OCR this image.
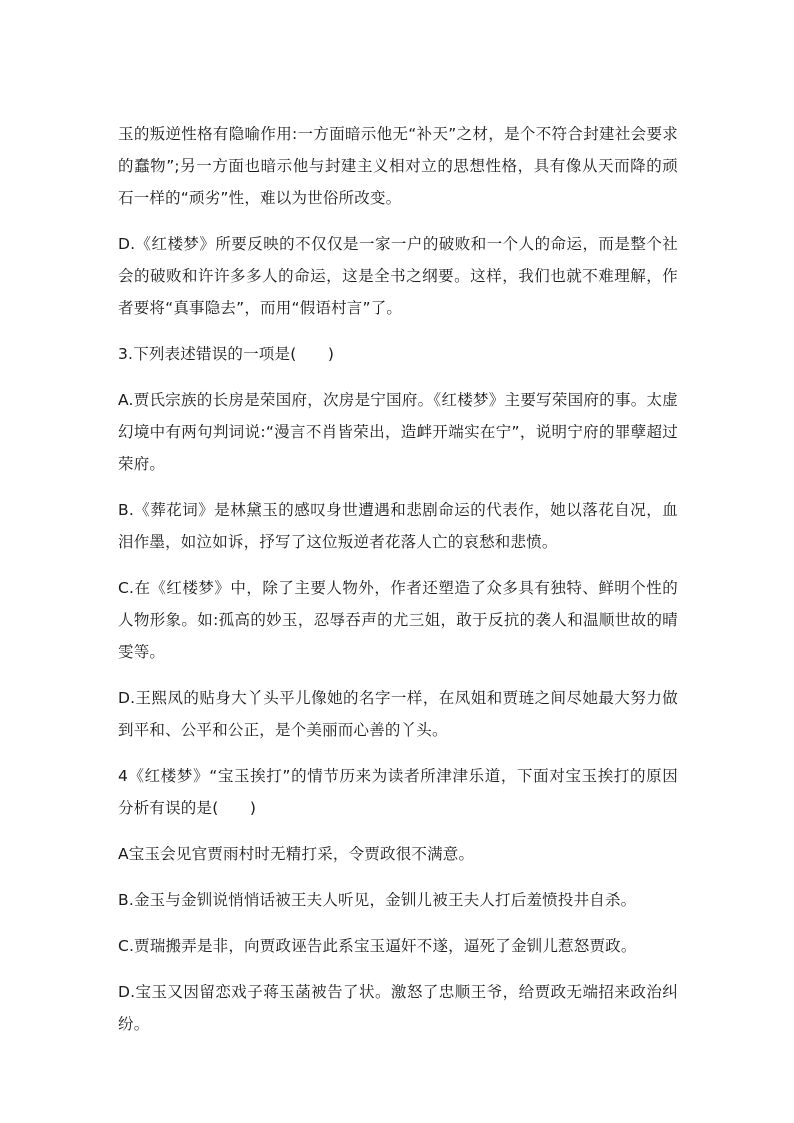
玉的叛逆性格有隐喻作用:一方面暗示他无“补天”之材，是个不符合封建社会要求的蠢物”;另一方面也暗示他与封建主义相对立的思想性格，具有像从天而降的顽石一样的“顽劣”性，难以为世俗所改变。

D.《红楼梦》所要反映的不仅仅是一家一户的破败和一个人的命运，而是整个社会的破败和许许多多人的命运，这是全书之纲要。这样，我们也就不难理解，作者要将“真事隐去”，而用“假语村言”了。

3.下列表述错误的一项是(　　)

A.贾氏宗族的长房是荣国府，次房是宁国府。《红楼梦》主要写荣国府的事。太虚幻境中有两句判词说:“漫言不肖皆荣出，造衅开端实在宁”，说明宁府的罪孽超过荣府。

B.《葬花词》是林黛玉的感叹身世遭遇和悲剧命运的代表作，她以落花自况，血泪作墨，如泣如诉，抒写了这位叛逆者花落人亡的哀愁和悲愤。

C.在《红楼梦》中，除了主要人物外，作者还塑造了众多具有独特、鲜明个性的人物形象。如:孤高的妙玉，忍辱吞声的尤三姐，敢于反抗的袭人和温顺世故的晴雯等。

D.王熙凤的贴身大丫头平儿像她的名字一样，在凤姐和贾琏之间尽她最大努力做到平和、公平和公正，是个美丽而心善的丫头。

4《红楼梦》“宝玉挨打”的情节历来为读者所津津乐道，下面对宝玉挨打的原因分析有误的是(　　)

A宝玉会见官贾雨村时无精打采，令贾政很不满意。

B.金玉与金钏说悄悄话被王夫人听见，金钏儿被王夫人打后羞愤投井自杀。

C.贾瑞搬弄是非，向贾政诬告此系宝玉逼奸不遂，逼死了金钏儿惹怒贾政。

D.宝玉又因留恋戏子蒋玉菡被告了状。激怒了忠顺王爷，给贾政无端招来政治纠纷。
